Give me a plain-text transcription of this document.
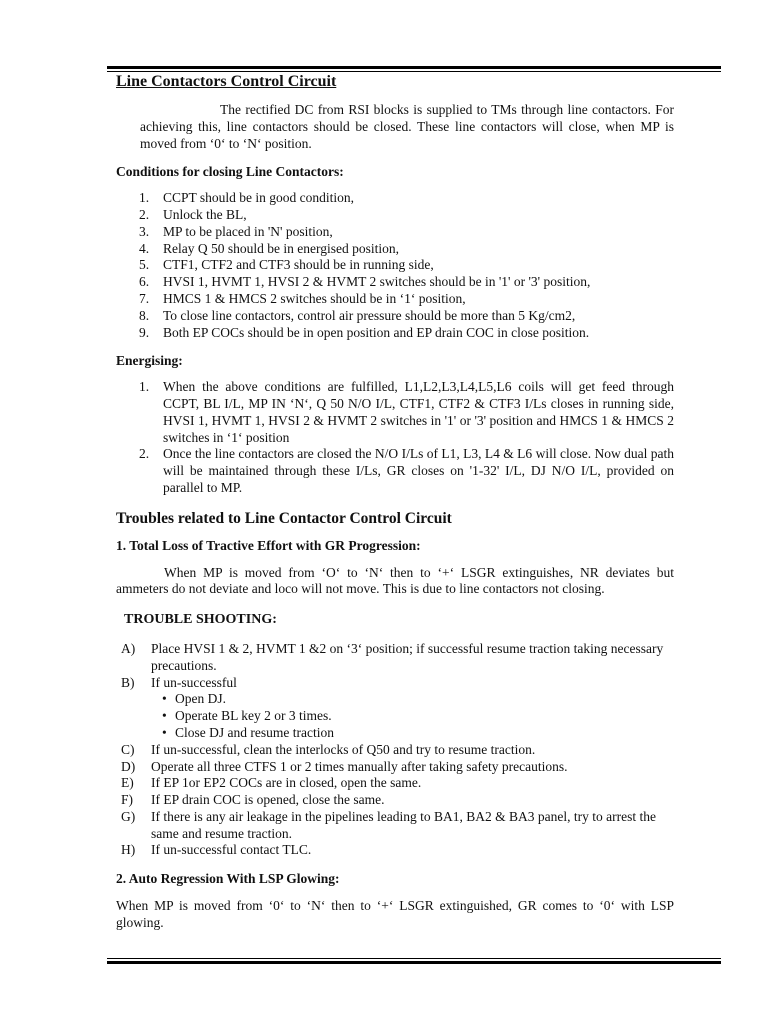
Line Contactors Control Circuit

The rectified DC from RSI blocks is supplied to TMs through line contactors. For achieving this, line contactors should be closed. These line contactors will close, when MP is moved from ‘0‘ to ‘N‘ position.

Conditions for closing Line Contactors:
1. CCPT should be in good condition,
2. Unlock the BL,
3. MP to be placed in 'N' position,
4. Relay Q 50 should be in energised position,
5. CTF1, CTF2 and CTF3 should be in running side,
6. HVSI 1, HVMT 1, HVSI 2 & HVMT 2 switches should be in '1' or '3' position,
7. HMCS 1 & HMCS 2 switches should be in ‘1‘ position,
8. To close line contactors, control air pressure should be more than 5 Kg/cm2,
9. Both EP COCs should be in open position and EP drain COC in close position.
Energising:
1. When the above conditions are fulfilled, L1,L2,L3,L4,L5,L6 coils will get feed through CCPT, BL I/L, MP IN ‘N‘, Q 50 N/O I/L, CTF1, CTF2 & CTF3 I/Ls closes in running side, HVSI 1, HVMT 1, HVSI 2 & HVMT 2 switches in '1' or '3' position and HMCS 1 & HMCS 2 switches in ‘1‘ position
2. Once the line contactors are closed the N/O I/Ls of L1, L3, L4 & L6 will close. Now dual path will be maintained through these I/Ls, GR closes on '1-32' I/L, DJ N/O I/L, provided on parallel to MP.
Troubles related to Line Contactor Control Circuit
1. Total Loss of Tractive Effort with GR Progression:

When MP is moved from ‘O‘ to ‘N‘ then to ‘+‘ LSGR extinguishes, NR deviates but ammeters do not deviate and loco will not move. This is due to line contactors not closing.

TROUBLE SHOOTING:
A) Place HVSI 1 & 2, HVMT 1 &2 on ‘3‘ position; if successful resume traction taking necessary precautions.
B) If un-successful
• Open DJ.
• Operate BL key 2 or 3 times.
• Close DJ and resume traction
C) If un-successful, clean the interlocks of Q50 and try to resume traction.
D) Operate all three CTFS 1 or 2 times manually after taking safety precautions.
E) If EP 1or EP2 COCs are in closed, open the same.
F) If EP drain COC is opened, close the same.
G) If there is any air leakage in the pipelines leading to BA1, BA2 & BA3 panel, try to arrest the same and resume traction.
H) If un-successful contact TLC.
2. Auto Regression With LSP Glowing:

When MP is moved from ‘0‘ to ‘N‘ then to ‘+‘ LSGR extinguished, GR comes to ‘0‘ with LSP glowing.
